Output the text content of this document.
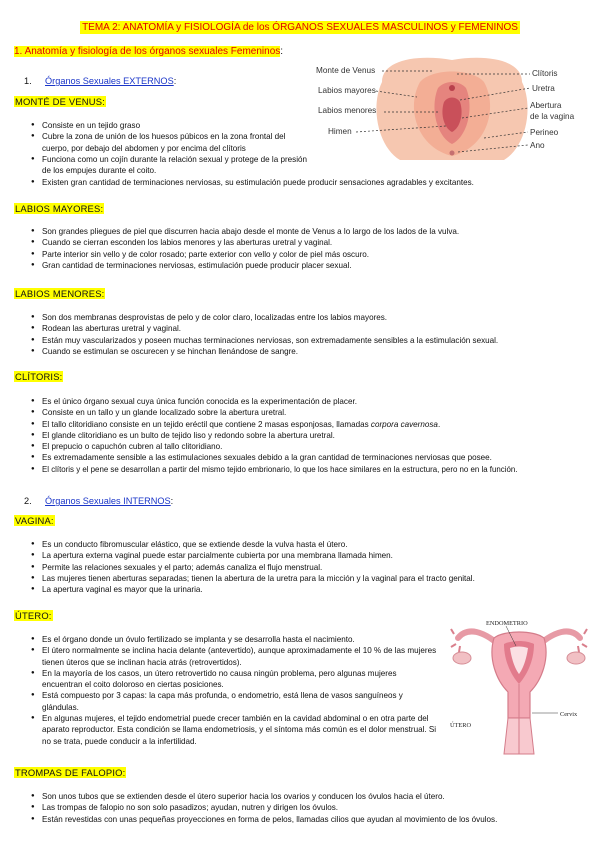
TEMA 2: ANATOMÍA y FISIOLOGÍA de los ÓRGANOS SEXUALES MASCULINOS y FEMENINOS
1. Anatomía y fisiología de los órganos sexuales Femeninos:
1. Órganos Sexuales EXTERNOS:
Monte de Venus
Labios mayores
Labios menores
Himen
Clítoris
Uretra
Abertura
de la vagina
Perineo
Ano
MONTÉ DE VENUS:
● Consiste en un tejido graso
● Cubre la zona de unión de los huesos púbicos en la zona frontal del cuerpo, por debajo del abdomen y por encima del clítoris
● Funciona como un cojín durante la relación sexual y protege de la presión de los empujes durante el coito.
● Existen gran cantidad de terminaciones nerviosas, su estimulación puede producir sensaciones agradables y excitantes.
LABIOS MAYORES:
● Son grandes pliegues de piel que discurren hacia abajo desde el monte de Venus a lo largo de los lados de la vulva.
● Cuando se cierran esconden los labios menores y las aberturas uretral y vaginal.
● Parte interior sin vello y de color rosado; parte exterior con vello y color de piel más oscuro.
● Gran cantidad de terminaciones nerviosas, estimulación puede producir placer sexual.
LABIOS MENORES:
● Son dos membranas desprovistas de pelo y de color claro, localizadas entre los labios mayores.
● Rodean las aberturas uretral y vaginal.
● Están muy vascularizados y poseen muchas terminaciones nerviosas, son extremadamente sensibles a la estimulación sexual.
● Cuando se estimulan se oscurecen y se hinchan llenándose de sangre.
CLÍTORIS:
● Es el único órgano sexual cuya única función conocida es la experimentación de placer.
● Consiste en un tallo y un glande localizado sobre la abertura uretral.
● El tallo clitoridiano consiste en un tejido eréctil que contiene 2 masas esponjosas, llamadas corpora cavernosa.
● El glande clitoridiano es un bulto de tejido liso y redondo sobre la abertura uretral.
● El prepucio o capuchón cubren al tallo clitoridiano.
● Es extremadamente sensible a las estimulaciones sexuales debido a la gran cantidad de terminaciones nerviosas que posee.
● El clítoris y el pene se desarrollan a partir del mismo tejido embrionario, lo que los hace similares en la estructura, pero no en la función.
2. Órganos Sexuales INTERNOS:
VAGINA:
● Es un conducto fibromuscular elástico, que se extiende desde la vulva hasta el útero.
● La apertura externa vaginal puede estar parcialmente cubierta por una membrana llamada himen.
● Permite las relaciones sexuales y el parto; además canaliza el flujo menstrual.
● Las mujeres tienen aberturas separadas; tienen la abertura de la uretra para la micción y la vaginal para el tracto genital.
● La apertura vaginal es mayor que la urinaria.
ÚTERO:
● Es el órgano donde un óvulo fertilizado se implanta y se desarrolla hasta el nacimiento.
● El útero normalmente se inclina hacia delante (antevertido), aunque aproximadamente el 10 % de las mujeres tienen úteros que se inclinan hacia atrás (retrovertidos).
● En la mayoría de los casos, un útero retrovertido no causa ningún problema, pero algunas mujeres encuentran el coito doloroso en ciertas posiciones.
● Está compuesto por 3 capas: la capa más profunda, o endometrio, está llena de vasos sanguíneos y glándulas.
● En algunas mujeres, el tejido endometrial puede crecer también en la cavidad abdominal o en otra parte del aparato reproductor. Esta condición se llama endometriosis, y el síntoma más común es el dolor menstrual. Si no se trata, puede conducir a la infertilidad.
ENDOMETRIO
Cervix
ÚTERO
TROMPAS DE FALOPIO:
● Son unos tubos que se extienden desde el útero superior hacia los ovarios y conducen los óvulos hacia el útero.
● Las trompas de falopio no son solo pasadizos; ayudan, nutren y dirigen los óvulos.
● Están revestidas con unas pequeñas proyecciones en forma de pelos, llamadas cilios que ayudan al movimiento de los óvulos.
